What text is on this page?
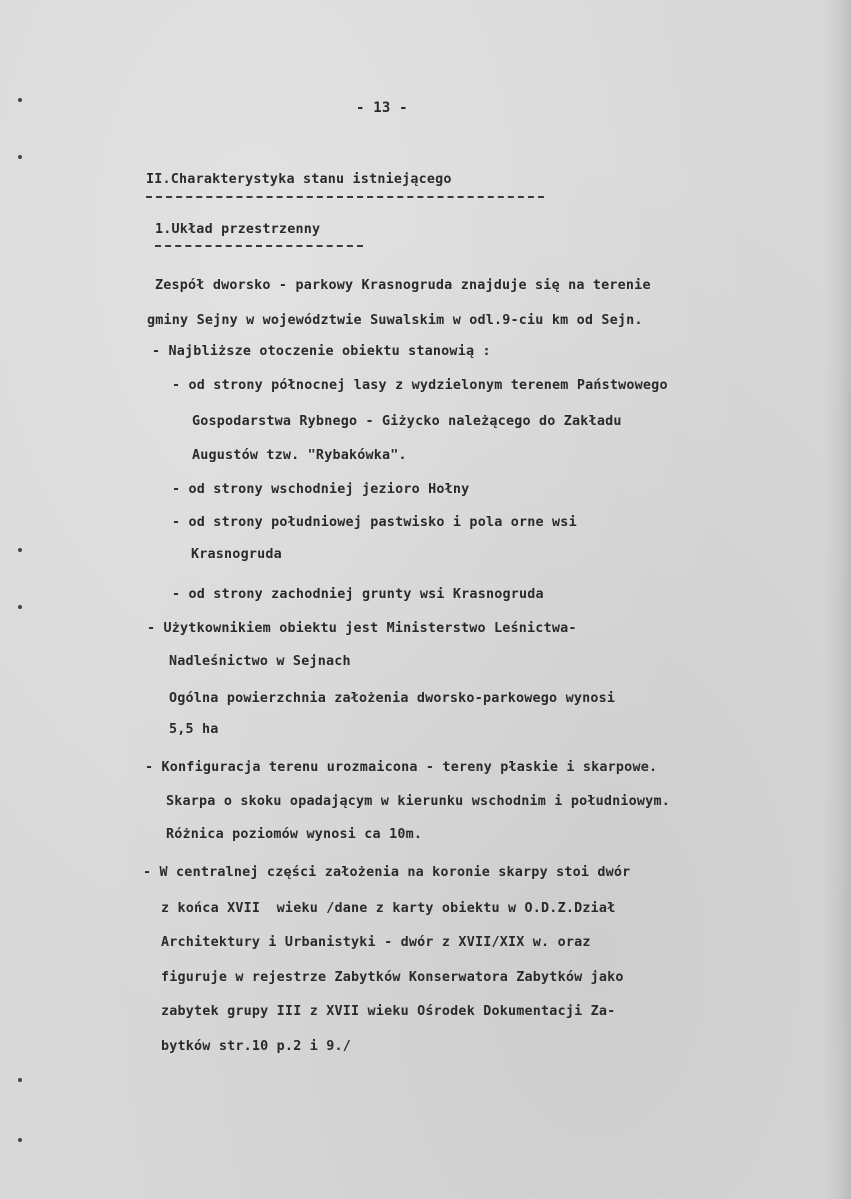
- 13 -
II.Charakterystyka stanu istniejącego
1.Układ przestrzenny
Zespół dworsko - parkowy Krasnogruda znajduje się na terenie
gminy Sejny w województwie Suwalskim w odl.9-ciu km od Sejn.
- Najbliższe otoczenie obiektu stanowią :
- od strony północnej lasy z wydzielonym terenem Państwowego
Gospodarstwa Rybnego - Giżycko należącego do Zakładu
Augustów tzw. "Rybakówka".
- od strony wschodniej jezioro Hołny
- od strony południowej pastwisko i pola orne wsi
Krasnogruda
- od strony zachodniej grunty wsi Krasnogruda
- Użytkownikiem obiektu jest Ministerstwo Leśnictwa-
Nadleśnictwo w Sejnach
Ogólna powierzchnia założenia dworsko-parkowego wynosi
5,5 ha
- Konfiguracja terenu urozmaicona - tereny płaskie i skarpowe.
Skarpa o skoku opadającym w kierunku wschodnim i południowym.
Różnica poziomów wynosi ca 10m.
- W centralnej części założenia na koronie skarpy stoi dwór
z końca XVII  wieku /dane z karty obiektu w O.D.Z.Dział
Architektury i Urbanistyki - dwór z XVII/XIX w. oraz
figuruje w rejestrze Zabytków Konserwatora Zabytków jako
zabytek grupy III z XVII wieku Ośrodek Dokumentacji Za-
bytków str.10 p.2 i 9./
